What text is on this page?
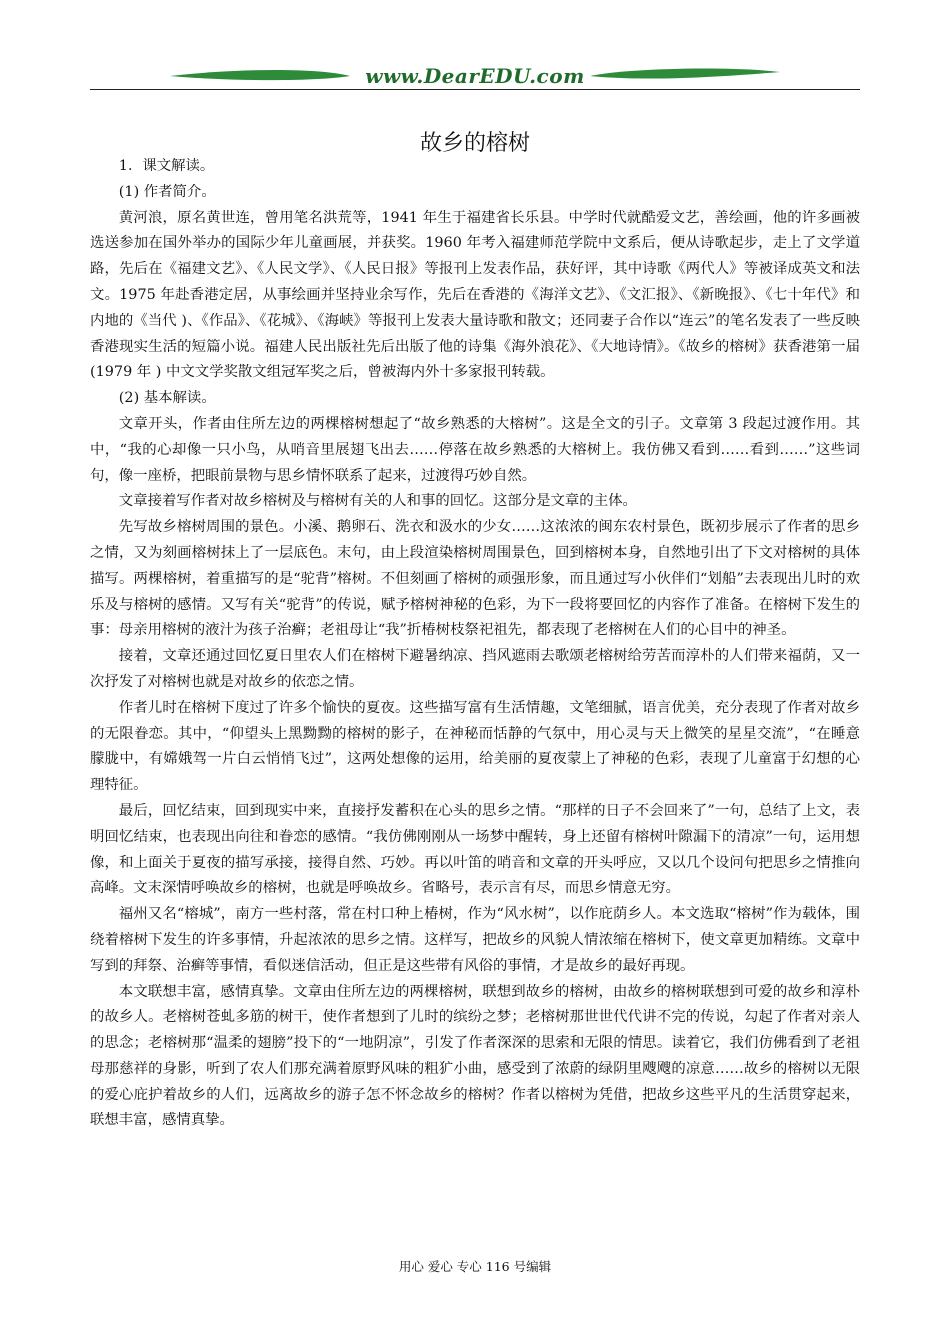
www.DearEDU.com
故乡的榕树

1．课文解读。

(1) 作者简介。

黄河浪，原名黄世连，曾用笔名洪荒等，1941 年生于福建省长乐县。中学时代就酷爱文艺，善绘画，他的许多画被选送参加在国外举办的国际少年儿童画展，并获奖。1960 年考入福建师范学院中文系后，便从诗歌起步，走上了文学道路，先后在《福建文艺》、《人民文学》、《人民日报》等报刊上发表作品，获好评，其中诗歌《两代人》等被译成英文和法文。1975 年赴香港定居，从事绘画并坚持业余写作，先后在香港的《海洋文艺》、《文汇报》、《新晚报》、《七十年代》和内地的《当代 )、《作品》、《花城》、《海峡》等报刊上发表大量诗歌和散文；还同妻子合作以“连云”的笔名发表了一些反映香港现实生活的短篇小说。福建人民出版社先后出版了他的诗集《海外浪花》、《大地诗情》。《故乡的榕树》获香港第一届 (1979 年 ) 中文文学奖散文组冠军奖之后，曾被海内外十多家报刊转载。

(2) 基本解读。

文章开头，作者由住所左边的两棵榕树想起了“故乡熟悉的大榕树”。这是全文的引子。文章第 3 段起过渡作用。其中，“我的心却像一只小鸟，从哨音里展翅飞出去……停落在故乡熟悉的大榕树上。我仿佛又看到……看到……”这些词句，像一座桥，把眼前景物与思乡情怀联系了起来，过渡得巧妙自然。

文章接着写作者对故乡榕树及与榕树有关的人和事的回忆。这部分是文章的主体。

先写故乡榕树周围的景色。小溪、鹅卵石、洗衣和汲水的少女……这浓浓的闽东农村景色，既初步展示了作者的思乡之情，又为刻画榕树抹上了一层底色。末句，由上段渲染榕树周围景色，回到榕树本身，自然地引出了下文对榕树的具体描写。两棵榕树，着重描写的是“驼背”榕树。不但刻画了榕树的顽强形象，而且通过写小伙伴们“划船”去表现出儿时的欢乐及与榕树的感情。又写有关“驼背”的传说，赋予榕树神秘的色彩，为下一段将要回忆的内容作了准备。在榕树下发生的事：母亲用榕树的液汁为孩子治癣；老祖母让“我”折椿树枝祭祀祖先，都表现了老榕树在人们的心目中的神圣。

接着，文章还通过回忆夏日里农人们在榕树下避暑纳凉、挡风遮雨去歌颂老榕树给劳苦而淳朴的人们带来福荫，又一次抒发了对榕树也就是对故乡的依恋之情。

作者儿时在榕树下度过了许多个愉快的夏夜。这些描写富有生活情趣，文笔细腻，语言优美，充分表现了作者对故乡的无限眷恋。其中，“仰望头上黑黝黝的榕树的影子，在神秘而恬静的气氛中，用心灵与天上微笑的星星交流”，“在睡意朦胧中，有嫦娥驾一片白云悄悄飞过”，这两处想像的运用，给美丽的夏夜蒙上了神秘的色彩，表现了儿童富于幻想的心理特征。

最后，回忆结束，回到现实中来，直接抒发蓄积在心头的思乡之情。“那样的日子不会回来了”一句，总结了上文，表明回忆结束，也表现出向往和眷恋的感情。“我仿佛刚刚从一场梦中醒转，身上还留有榕树叶隙漏下的清凉”一句，运用想像，和上面关于夏夜的描写承接，接得自然、巧妙。再以叶笛的哨音和文章的开头呼应，又以几个设问句把思乡之情推向高峰。文末深情呼唤故乡的榕树，也就是呼唤故乡。省略号，表示言有尽，而思乡情意无穷。

福州又名“榕城”，南方一些村落，常在村口种上椿树，作为“风水树”，以作庇荫乡人。本文选取“榕树”作为载体，围绕着榕树下发生的许多事情，升起浓浓的思乡之情。这样写，把故乡的风貌人情浓缩在榕树下，使文章更加精练。文章中写到的拜祭、治癣等事情，看似迷信活动，但正是这些带有风俗的事情，才是故乡的最好再现。

本文联想丰富，感情真挚。文章由住所左边的两棵榕树，联想到故乡的榕树，由故乡的榕树联想到可爱的故乡和淳朴的故乡人。老榕树苍虬多筋的树干，使作者想到了儿时的缤纷之梦；老榕树那世世代代讲不完的传说，勾起了作者对亲人的思念；老榕树那“温柔的翅膀”投下的“一地阴凉”，引发了作者深深的思索和无限的情思。读着它，我们仿佛看到了老祖母那慈祥的身影，听到了农人们那充满着原野风味的粗犷小曲，感受到了浓蔚的绿阴里飕飕的凉意……故乡的榕树以无限的爱心庇护着故乡的人们，远离故乡的游子怎不怀念故乡的榕树？作者以榕树为凭借，把故乡这些平凡的生活贯穿起来，联想丰富，感情真挚。

用心 爱心 专心 116 号编辑
